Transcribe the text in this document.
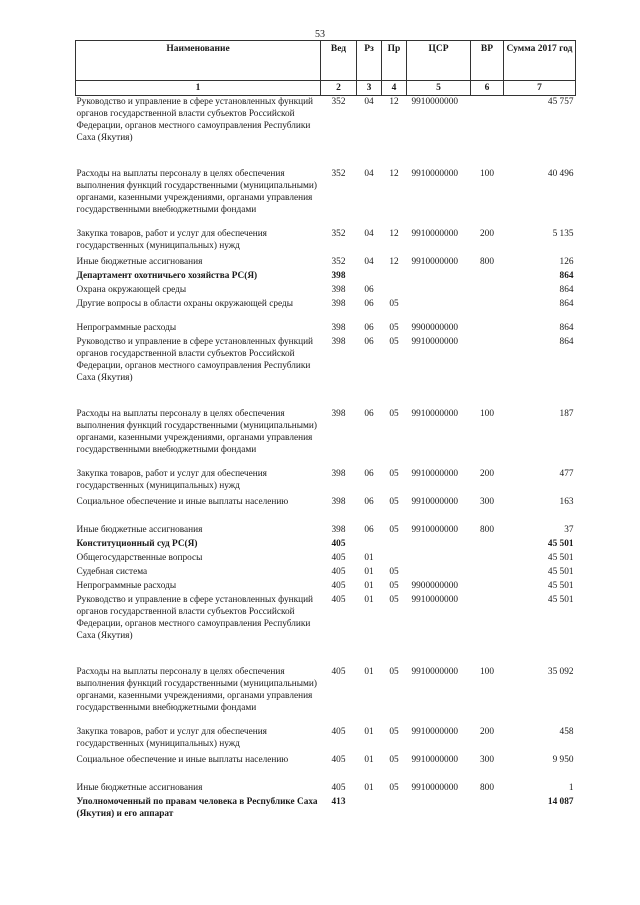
53
Наименование	Вед	Рз	Пр	ЦСР	ВР	Сумма 2017 год
1	2	3	4	5	6	7
Руководство и управление в сфере установленных функций органов государственной власти субъектов Российской Федерации, органов местного самоуправления Республики Саха (Якутия)	352	04	12	9910000000		45 757
Расходы на выплаты персоналу в целях обеспечения выполнения функций государственными (муниципальными) органами, казенными учреждениями, органами управления государственными внебюджетными фондами	352	04	12	9910000000	100	40 496
Закупка товаров, работ и услуг для обеспечения государственных (муниципальных) нужд	352	04	12	9910000000	200	5 135
Иные бюджетные ассигнования	352	04	12	9910000000	800	126
Департамент охотничьего хозяйства РС(Я)	398					864
Охрана окружающей среды	398	06				864
Другие вопросы в области охраны окружающей среды	398	06	05			864
Непрограммные расходы	398	06	05	9900000000		864
Руководство и управление в сфере установленных функций органов государственной власти субъектов Российской Федерации, органов местного самоуправления Республики Саха (Якутия)	398	06	05	9910000000		864
Расходы на выплаты персоналу в целях обеспечения выполнения функций государственными (муниципальными) органами, казенными учреждениями, органами управления государственными внебюджетными фондами	398	06	05	9910000000	100	187
Закупка товаров, работ и услуг для обеспечения государственных (муниципальных) нужд	398	06	05	9910000000	200	477
Социальное обеспечение и иные выплаты населению	398	06	05	9910000000	300	163
Иные бюджетные ассигнования	398	06	05	9910000000	800	37
Конституционный суд РС(Я)	405					45 501
Общегосударственные вопросы	405	01				45 501
Судебная система	405	01	05			45 501
Непрограммные расходы	405	01	05	9900000000		45 501
Руководство и управление в сфере установленных функций органов государственной власти субъектов Российской Федерации, органов местного самоуправления Республики Саха (Якутия)	405	01	05	9910000000		45 501
Расходы на выплаты персоналу в целях обеспечения выполнения функций государственными (муниципальными) органами, казенными учреждениями, органами управления государственными внебюджетными фондами	405	01	05	9910000000	100	35 092
Закупка товаров, работ и услуг для обеспечения государственных (муниципальных) нужд	405	01	05	9910000000	200	458
Социальное обеспечение и иные выплаты населению	405	01	05	9910000000	300	9 950
Иные бюджетные ассигнования	405	01	05	9910000000	800	1
Уполномоченный по правам человека в Республике Саха (Якутия) и его аппарат	413					14 087
